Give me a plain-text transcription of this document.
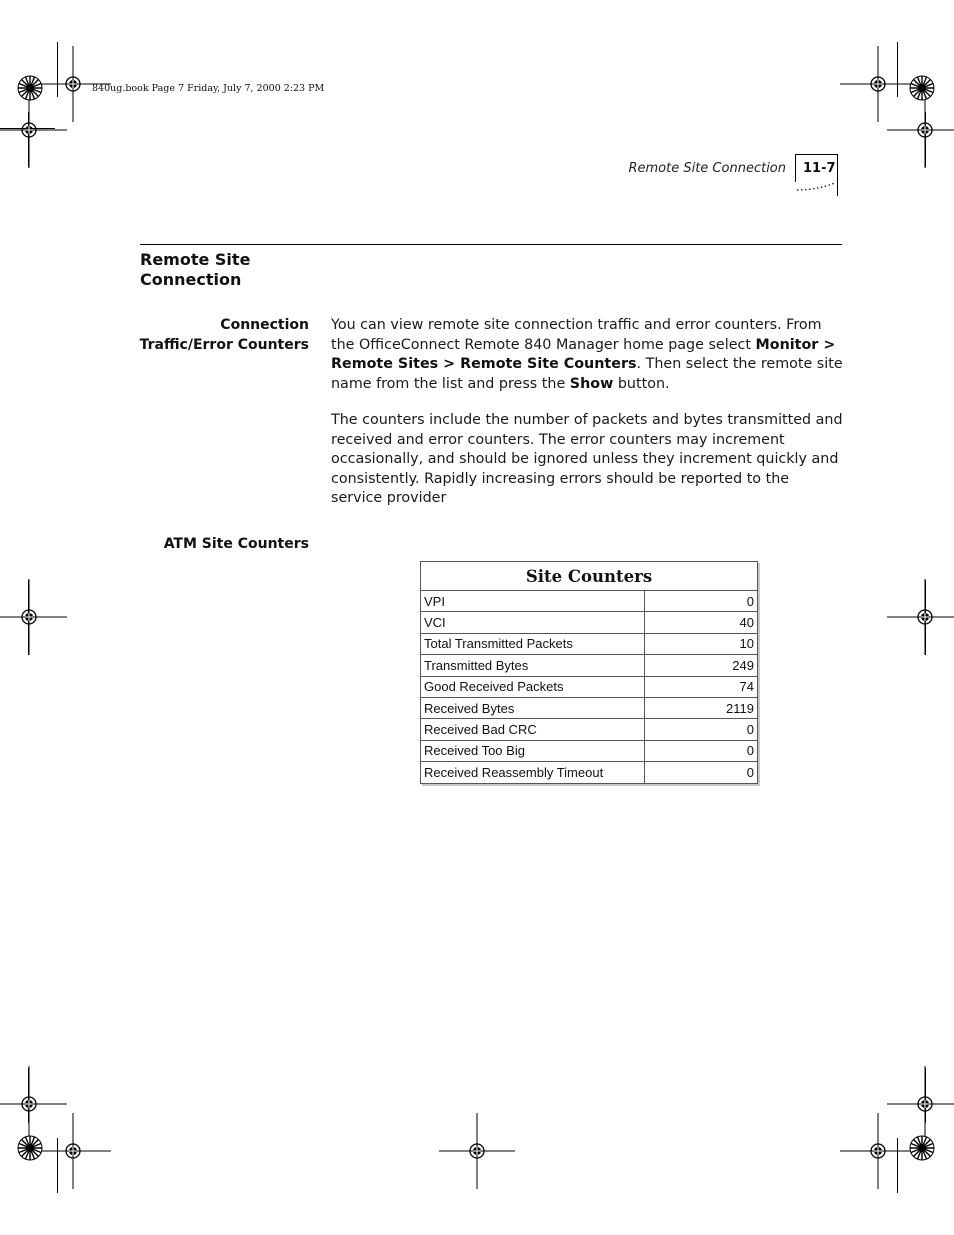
840ug.book Page 7 Friday, July 7, 2000 2:23 PM
Remote Site Connection 11-7
Remote Site
Connection
Connection
Traffic/Error Counters
You can view remote site connection traffic and error counters. From the OfficeConnect Remote 840 Manager home page select Monitor > Remote Sites > Remote Site Counters. Then select the remote site name from the list and press the Show button.
The counters include the number of packets and bytes transmitted and received and error counters. The error counters may increment occasionally, and should be ignored unless they increment quickly and consistently. Rapidly increasing errors should be reported to the service provider
ATM Site Counters
Site Counters	
VPI	0
VCI	40
Total Transmitted Packets	10
Transmitted Bytes	249
Good Received Packets	74
Received Bytes	2119
Received Bad CRC	0
Received Too Big	0
Received Reassembly Timeout	0
